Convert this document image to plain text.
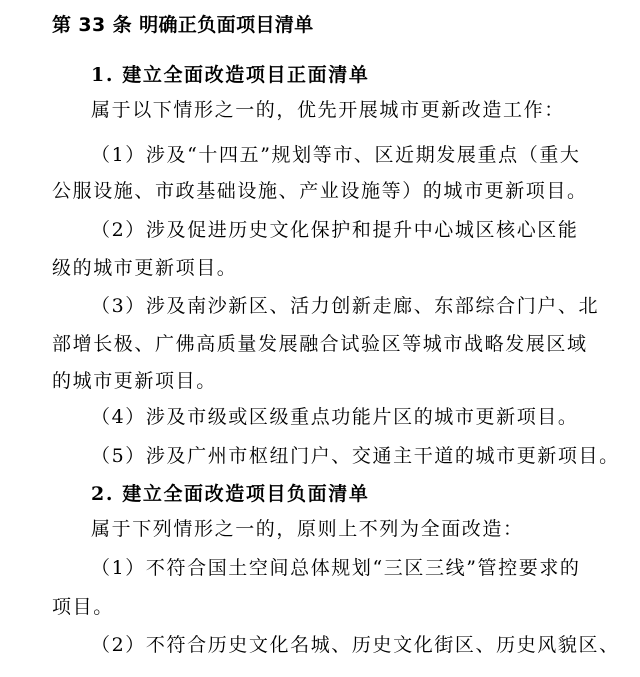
第 33 条 明确正负面项目清单
1. 建立全面改造项目正面清单
属于以下情形之一的，优先开展城市更新改造工作：
（1）涉及“十四五”规划等市、区近期发展重点（重大
公服设施、市政基础设施、产业设施等）的城市更新项目。
（2）涉及促进历史文化保护和提升中心城区核心区能
级的城市更新项目。
（3）涉及南沙新区、活力创新走廊、东部综合门户、北
部增长极、广佛高质量发展融合试验区等城市战略发展区域
的城市更新项目。
（4）涉及市级或区级重点功能片区的城市更新项目。
（5）涉及广州市枢纽门户、交通主干道的城市更新项目。
2. 建立全面改造项目负面清单
属于下列情形之一的，原则上不列为全面改造：
（1）不符合国土空间总体规划“三区三线”管控要求的
项目。
（2）不符合历史文化名城、历史文化街区、历史风貌区、
